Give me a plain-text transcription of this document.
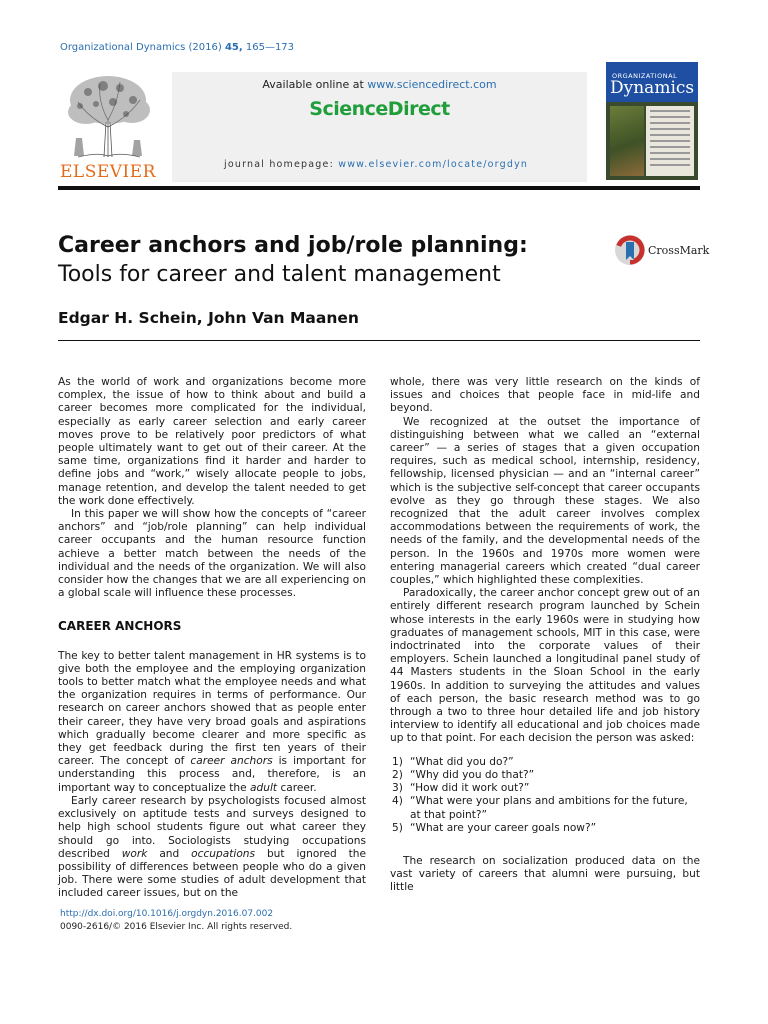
Organizational Dynamics (2016) 45, 165—173
ELSEVIER
Available online at www.sciencedirect.com
ScienceDirect
journal homepage: www.elsevier.com/locate/orgdyn
ORGANIZATIONAL
Dynamics
Career anchors and job/role planning:
Tools for career and talent management
CrossMark
Edgar H. Schein, John Van Maanen

As the world of work and organizations become more complex, the issue of how to think about and build a career becomes more complicated for the individual, especially as early career selection and early career moves prove to be relatively poor predictors of what people ultimately want to get out of their career. At the same time, organizations find it harder and harder to define jobs and “work,” wisely allocate people to jobs, manage retention, and develop the talent needed to get the work done effectively.

In this paper we will show how the concepts of “career anchors” and “job/role planning” can help individual career occupants and the human resource function achieve a better match between the needs of the individual and the needs of the organization. We will also consider how the changes that we are all experiencing on a global scale will influence these processes.

CAREER ANCHORS

The key to better talent management in HR systems is to give both the employee and the employing organization tools to better match what the employee needs and what the organization requires in terms of performance. Our research on career anchors showed that as people enter their career, they have very broad goals and aspirations which gradually become clearer and more specific as they get feedback during the first ten years of their career. The concept of career anchors is important for understanding this process and, therefore, is an important way to conceptualize the adult career.

Early career research by psychologists focused almost exclusively on aptitude tests and surveys designed to help high school students figure out what career they should go into. Sociologists studying occupations described work and occupations but ignored the possibility of differences between people who do a given job. There were some studies of adult development that included career issues, but on the

whole, there was very little research on the kinds of issues and choices that people face in mid-life and beyond.

We recognized at the outset the importance of distinguishing between what we called an “external career” — a series of stages that a given occupation requires, such as medical school, internship, residency, fellowship, licensed physician — and an “internal career” which is the subjective self-concept that career occupants evolve as they go through these stages. We also recognized that the adult career involves complex accommodations between the requirements of work, the needs of the family, and the developmental needs of the person. In the 1960s and 1970s more women were entering managerial careers which created “dual career couples,” which highlighted these complexities.

Paradoxically, the career anchor concept grew out of an entirely different research program launched by Schein whose interests in the early 1960s were in studying how graduates of management schools, MIT in this case, were indoctrinated into the corporate values of their employers. Schein launched a longitudinal panel study of 44 Masters students in the Sloan School in the early 1960s. In addition to surveying the attitudes and values of each person, the basic research method was to go through a two to three hour detailed life and job history interview to identify all educational and job choices made up to that point. For each decision the person was asked:

1) “What did you do?”
2) “Why did you do that?”
3) “How did it work out?”
4) “What were your plans and ambitions for the future, at that point?”
5) “What are your career goals now?”

The research on socialization produced data on the vast variety of careers that alumni were pursuing, but little

http://dx.doi.org/10.1016/j.orgdyn.2016.07.002
0090-2616/© 2016 Elsevier Inc. All rights reserved.
